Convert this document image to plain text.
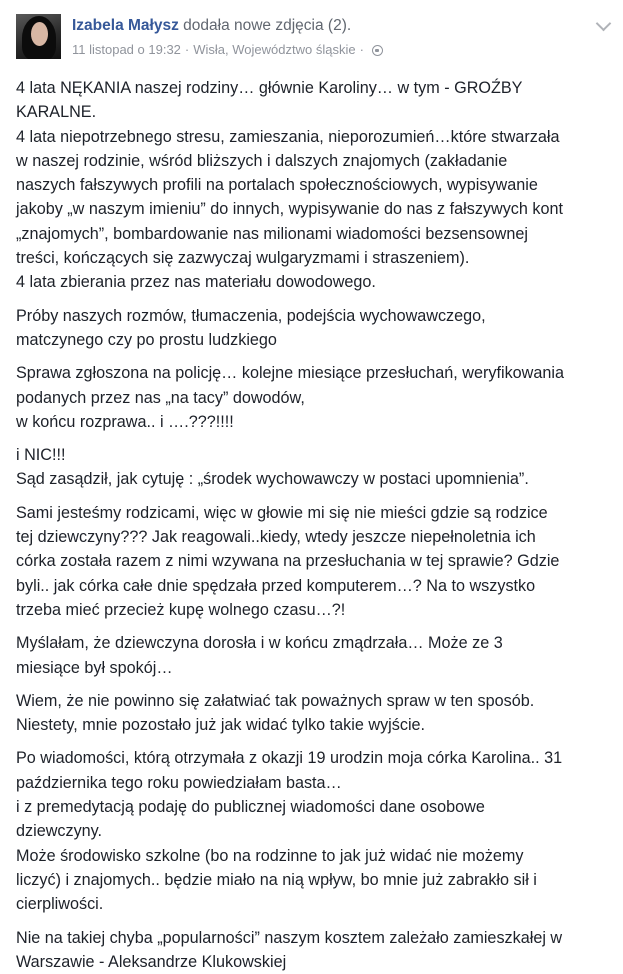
Izabela Małysz dodała nowe zdjęcia (2).
11 listopad o 19:32 · Wisła, Województwo śląskie ·

4 lata NĘKANIA naszej rodziny… głównie Karoliny… w tym - GROŹBY
KARALNE.
4 lata niepotrzebnego stresu, zamieszania, nieporozumień…które stwarzała
w naszej rodzinie, wśród bliższych i dalszych znajomych (zakładanie
naszych fałszywych profili na portalach społecznościowych, wypisywanie
jakoby „w naszym imieniu” do innych, wypisywanie do nas z fałszywych kont
„znajomych”, bombardowanie nas milionami wiadomości bezsensownej
treści, kończących się zazwyczaj wulgaryzmami i straszeniem).
4 lata zbierania przez nas materiału dowodowego.

Próby naszych rozmów, tłumaczenia, podejścia wychowawczego,
matczynego czy po prostu ludzkiego

Sprawa zgłoszona na policję… kolejne miesiące przesłuchań, weryfikowania
podanych przez nas „na tacy” dowodów,
w końcu rozprawa.. i ….???!!!!

i NIC!!!
Sąd zasądził, jak cytuję : „środek wychowawczy w postaci upomnienia”.

Sami jesteśmy rodzicami, więc w głowie mi się nie mieści gdzie są rodzice
tej dziewczyny??? Jak reagowali..kiedy, wtedy jeszcze niepełnoletnia ich
córka została razem z nimi wzywana na przesłuchania w tej sprawie? Gdzie
byli.. jak córka całe dnie spędzała przed komputerem…? Na to wszystko
trzeba mieć przecież kupę wolnego czasu…?!

Myślałam, że dziewczyna dorosła i w końcu zmądrzała… Może ze 3
miesiące był spokój…

Wiem, że nie powinno się załatwiać tak poważnych spraw w ten sposób.
Niestety, mnie pozostało już jak widać tylko takie wyjście.

Po wiadomości, którą otrzymała z okazji 19 urodzin moja córka Karolina.. 31
października tego roku powiedziałam basta…
i z premedytacją podaję do publicznej wiadomości dane osobowe
dziewczyny.
Może środowisko szkolne (bo na rodzinne to jak już widać nie możemy
liczyć) i znajomych.. będzie miało na nią wpływ, bo mnie już zabrakło sił i
cierpliwości.

Nie na takiej chyba „popularności” naszym kosztem zależało zamieszkałej w
Warszawie - Aleksandrze Klukowskiej
